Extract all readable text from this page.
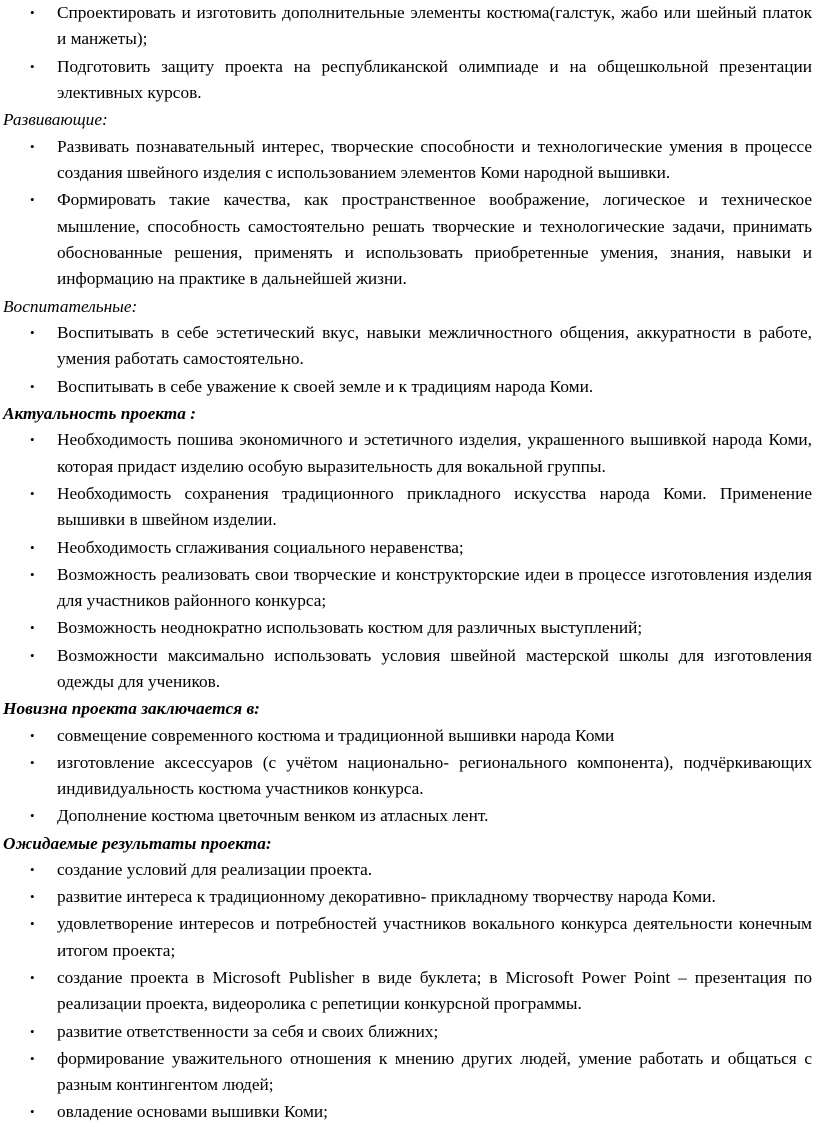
• Спроектировать и изготовить дополнительные элементы костюма(галстук, жабо или шейный платок и манжеты);
• Подготовить защиту проекта на республиканской олимпиаде и на общешкольной презентации элективных курсов.

Развивающие:

• Развивать познавательный интерес, творческие способности и технологические умения в процессе создания швейного изделия с использованием элементов Коми народной вышивки.
• Формировать такие качества, как пространственное воображение, логическое и техническое мышление, способность самостоятельно решать творческие и технологические задачи, принимать обоснованные решения, применять и использовать приобретенные умения, знания, навыки и информацию на практике в дальнейшей жизни.

Воспитательные:

• Воспитывать в себе эстетический вкус, навыки межличностного общения, аккуратности в работе, умения работать самостоятельно.
• Воспитывать в себе уважение к своей земле и к традициям народа Коми.

Актуальность проекта :

• Необходимость пошива экономичного и эстетичного изделия, украшенного вышивкой народа Коми, которая придаст изделию особую выразительность для вокальной группы.
• Необходимость сохранения традиционного прикладного искусства народа Коми. Применение вышивки в швейном изделии.
• Необходимость сглаживания социального неравенства;
• Возможность реализовать свои творческие и конструкторские идеи в процессе изготовления изделия для участников районного конкурса;
• Возможность неоднократно использовать костюм для различных выступлений;
• Возможности максимально использовать условия швейной мастерской школы для изготовления одежды для учеников.

Новизна проекта заключается в:

• совмещение современного костюма и традиционной вышивки народа Коми
• изготовление аксессуаров (с учётом национально- регионального компонента), подчёркивающих индивидуальность костюма участников конкурса.
• Дополнение костюма цветочным венком из атласных лент.

Ожидаемые результаты проекта:

• создание условий для реализации проекта.
• развитие интереса к традиционному декоративно- прикладному творчеству народа Коми.
• удовлетворение интересов и потребностей участников вокального конкурса деятельности конечным итогом проекта;
• создание проекта в Microsoft Publisher в виде буклета; в Microsoft Power Point – презентация по реализации проекта, видеоролика с репетиции конкурсной программы.
• развитие ответственности за себя и своих ближних;
• формирование уважительного отношения к мнению других людей, умение работать и общаться с разным контингентом людей;
• овладение основами вышивки Коми;
